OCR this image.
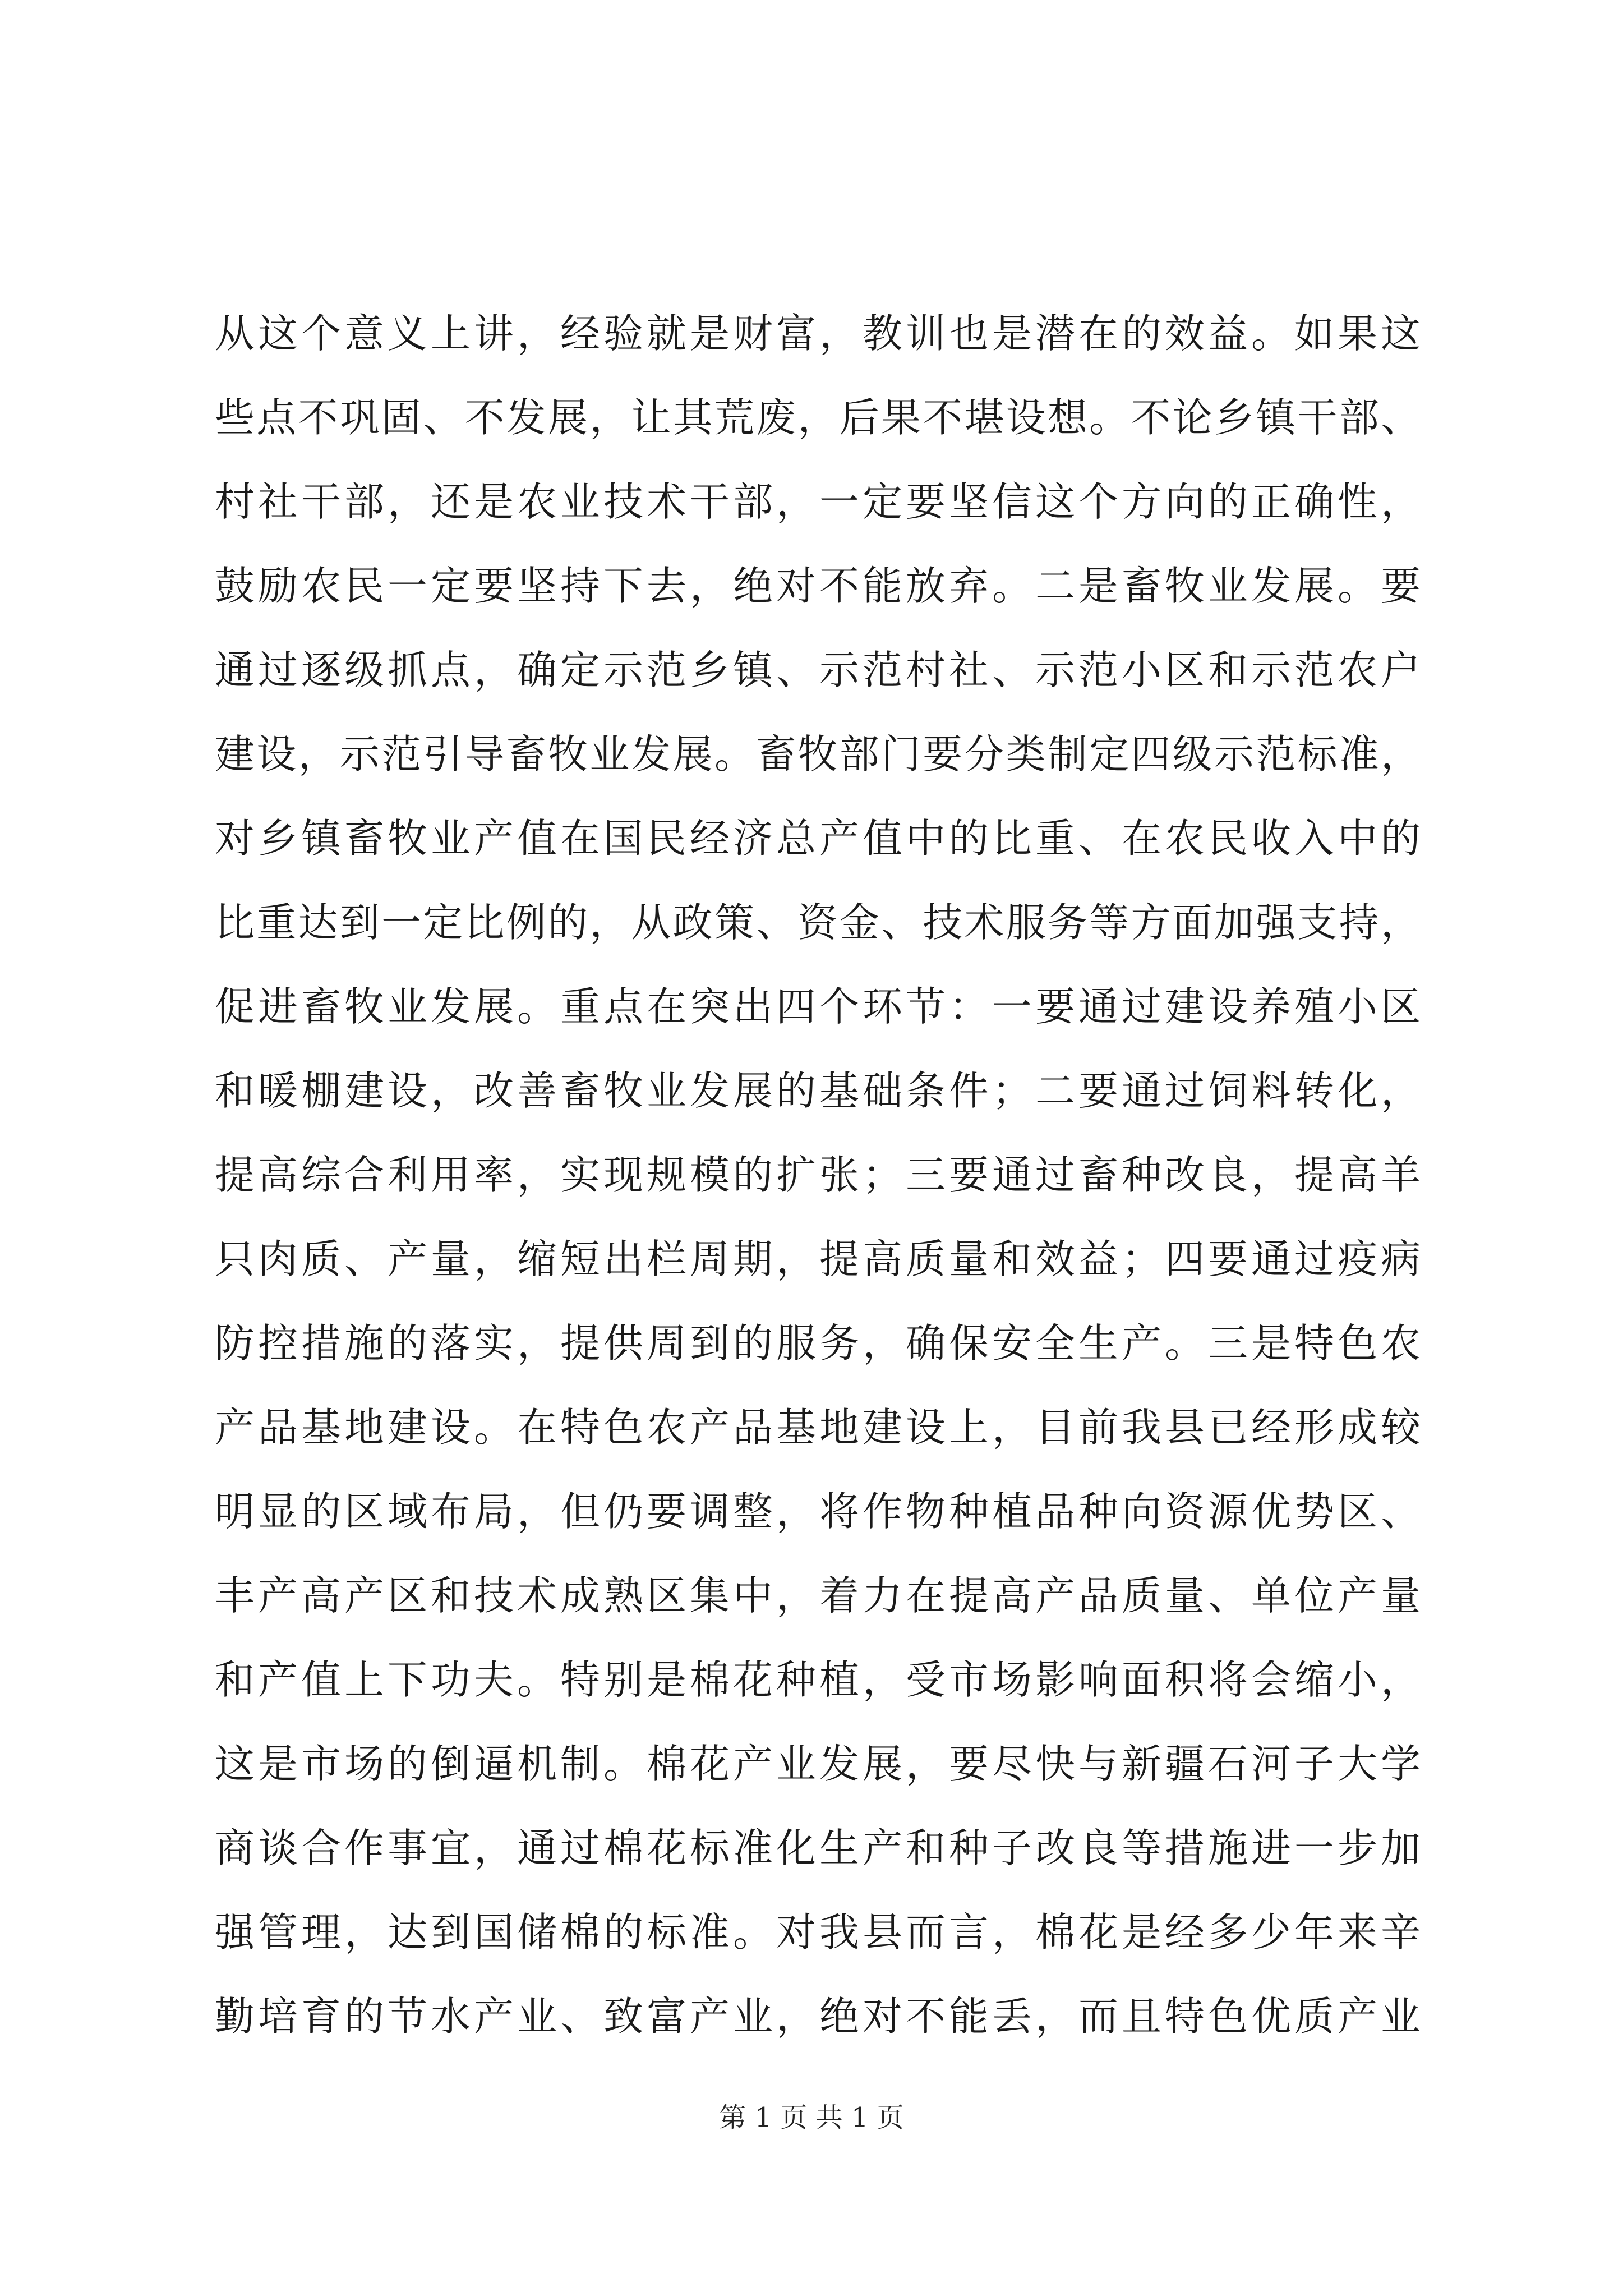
从这个意义上讲，经验就是财富，教训也是潜在的效益。如果这
些点不巩固、不发展，让其荒废，后果不堪设想。不论乡镇干部、
村社干部，还是农业技术干部，一定要坚信这个方向的正确性，
鼓励农民一定要坚持下去，绝对不能放弃。二是畜牧业发展。要
通过逐级抓点，确定示范乡镇、示范村社、示范小区和示范农户
建设，示范引导畜牧业发展。畜牧部门要分类制定四级示范标准，
对乡镇畜牧业产值在国民经济总产值中的比重、在农民收入中的
比重达到一定比例的，从政策、资金、技术服务等方面加强支持，
促进畜牧业发展。重点在突出四个环节：一要通过建设养殖小区
和暖棚建设，改善畜牧业发展的基础条件；二要通过饲料转化，
提高综合利用率，实现规模的扩张；三要通过畜种改良，提高羊
只肉质、产量，缩短出栏周期，提高质量和效益；四要通过疫病
防控措施的落实，提供周到的服务，确保安全生产。三是特色农
产品基地建设。在特色农产品基地建设上，目前我县已经形成较
明显的区域布局，但仍要调整，将作物种植品种向资源优势区、
丰产高产区和技术成熟区集中，着力在提高产品质量、单位产量
和产值上下功夫。特别是棉花种植，受市场影响面积将会缩小，
这是市场的倒逼机制。棉花产业发展，要尽快与新疆石河子大学
商谈合作事宜，通过棉花标准化生产和种子改良等措施进一步加
强管理，达到国储棉的标准。对我县而言，棉花是经多少年来辛
勤培育的节水产业、致富产业，绝对不能丢，而且特色优质产业
第 1 页 共 1 页
